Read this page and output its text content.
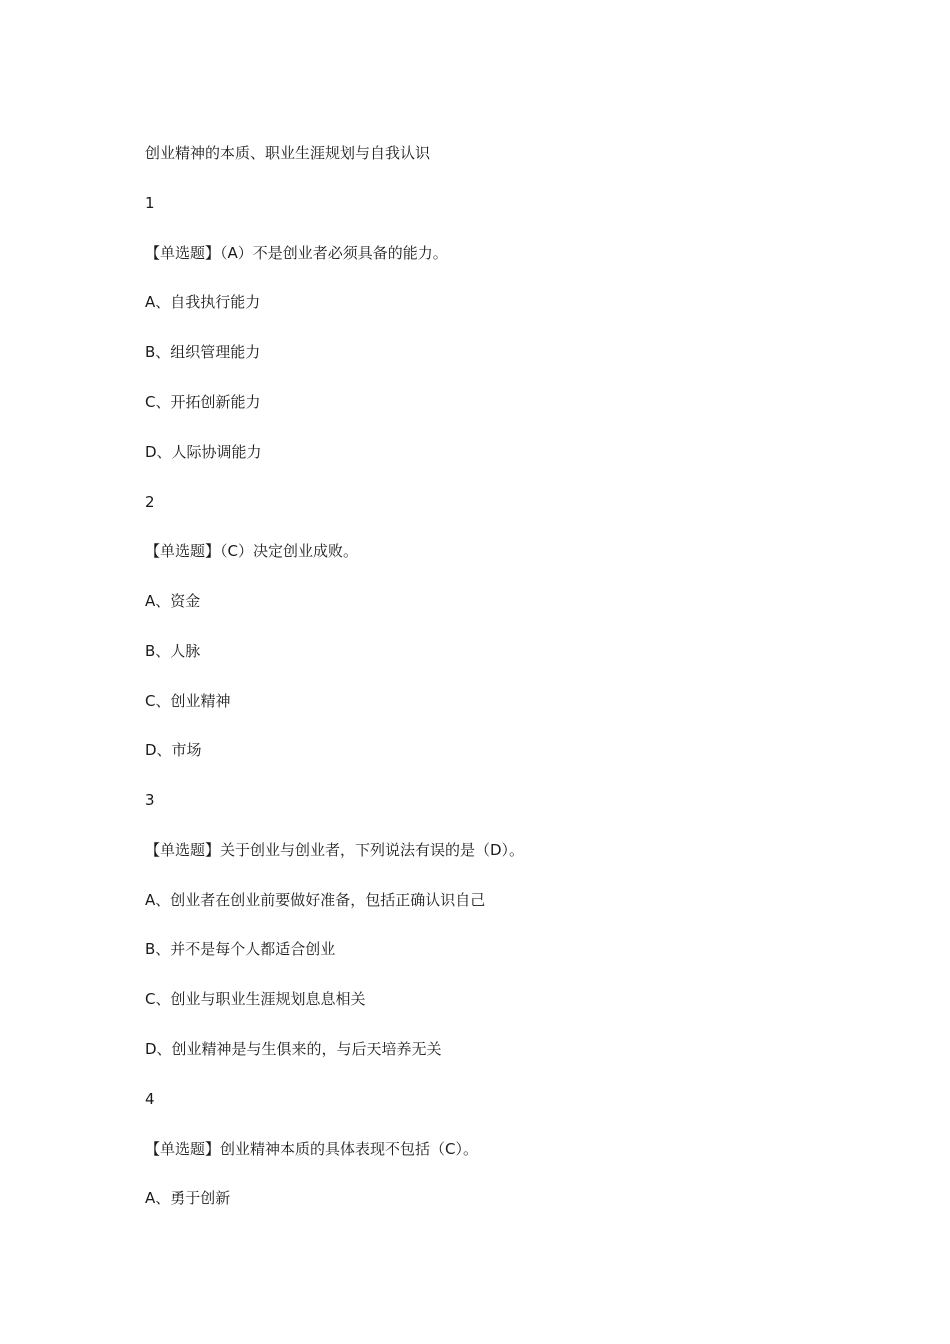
创业精神的本质、职业生涯规划与自我认识
1
【单选题】（A）不是创业者必须具备的能力。
A、自我执行能力
B、组织管理能力
C、开拓创新能力
D、人际协调能力
2
【单选题】（C）决定创业成败。
A、资金
B、人脉
C、创业精神
D、市场
3
【单选题】关于创业与创业者，下列说法有误的是（D）。
A、创业者在创业前要做好准备，包括正确认识自己
B、并不是每个人都适合创业
C、创业与职业生涯规划息息相关
D、创业精神是与生俱来的，与后天培养无关
4
【单选题】创业精神本质的具体表现不包括（C）。
A、勇于创新
